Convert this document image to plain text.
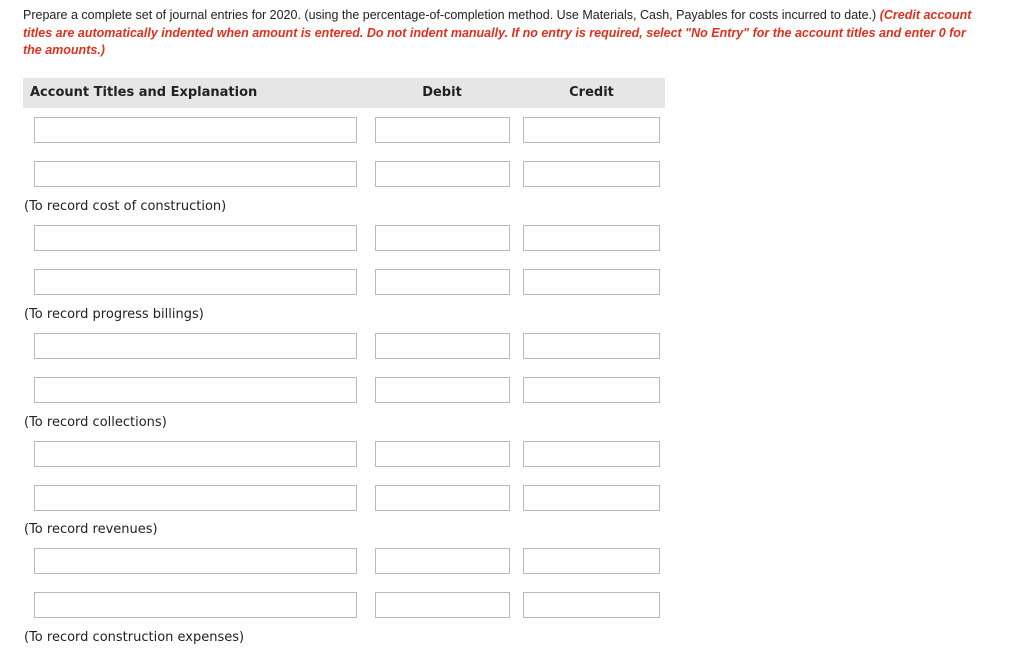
Prepare a complete set of journal entries for 2020. (using the percentage-of-completion method. Use Materials, Cash, Payables for costs incurred to date.) (Credit account titles are automatically indented when amount is entered. Do not indent manually. If no entry is required, select "No Entry" for the account titles and enter 0 for the amounts.)
Account Titles and Explanation	Debit	Credit
(To record cost of construction)
(To record progress billings)
(To record collections)
(To record revenues)
(To record construction expenses)
